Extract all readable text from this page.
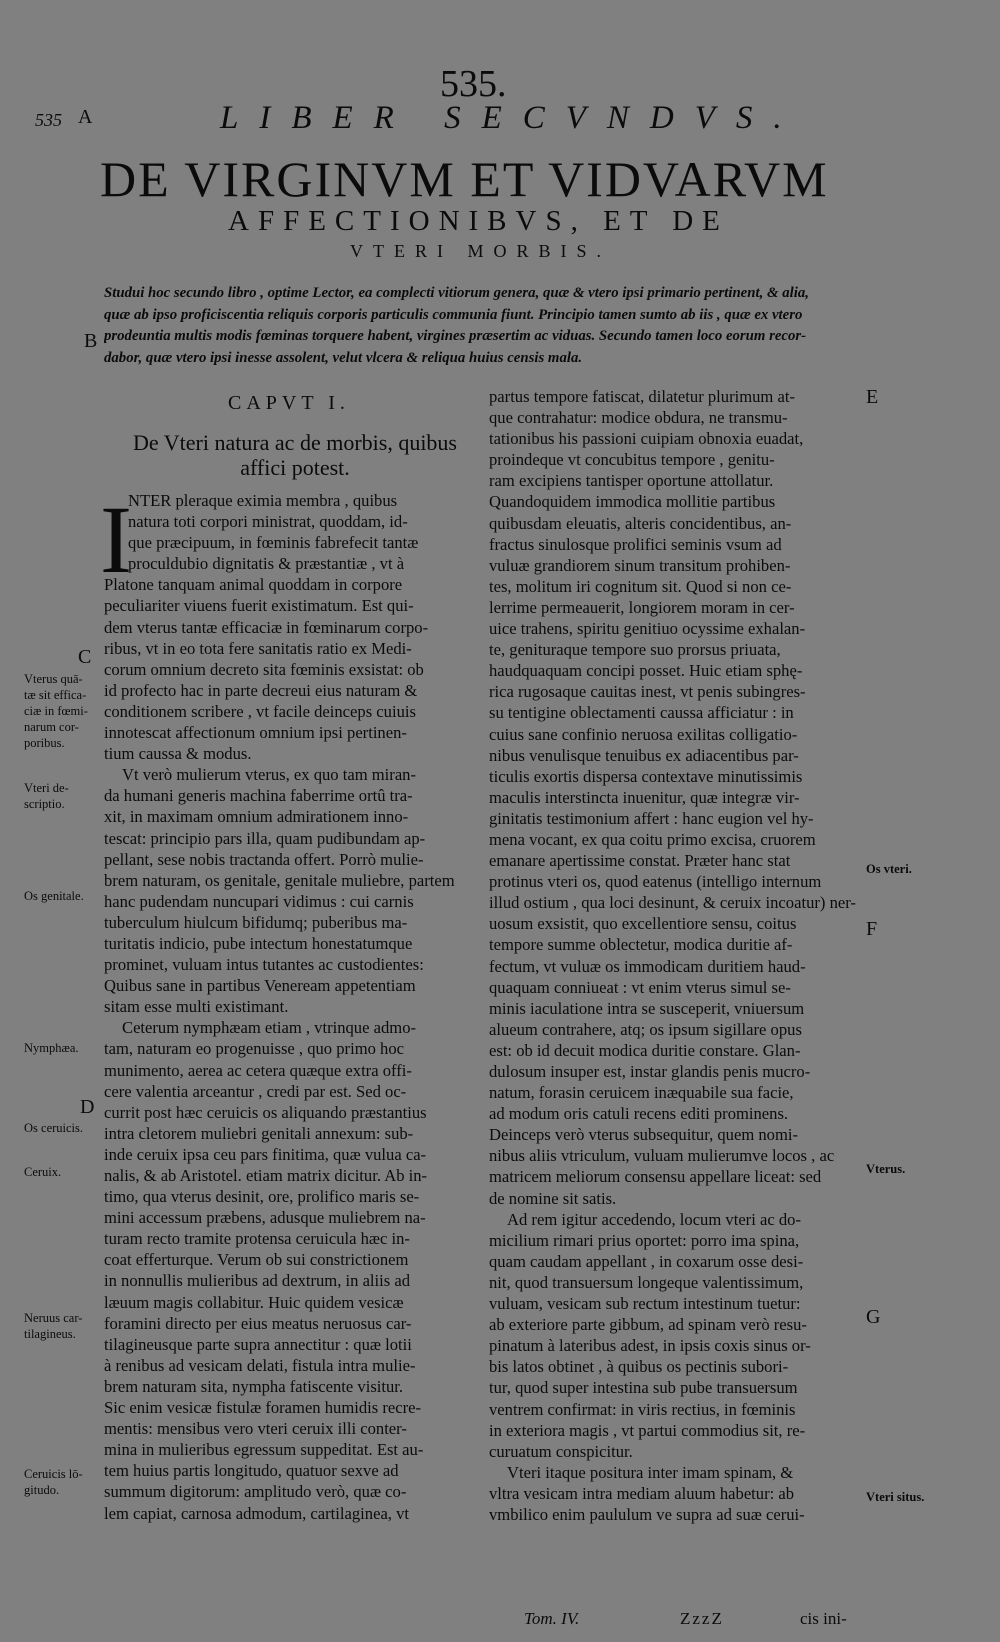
535.
535 A	LIBER SECVNDVS.
DE VIRGINVM ET VIDVARVM
AFFECTIONIBVS, ET DE
VTERI MORBIS.
Studui hoc secundo libro , optime Lector, ea complecti vitiorum genera, quæ & vtero ipsi primario pertinent, & alia,
quæ ab ipso proficiscentia reliquis corporis particulis communia fiunt. Principio tamen sumto ab iis , quæ ex vtero
prodeuntia multis modis fœminas torquere habent, virgines præsertim ac viduas. Secundo tamen loco eorum recor-
dabor, quæ vtero ipsi inesse assolent, velut vlcera & reliqua huius censis mala.
B
CAPVT I.
De Vteri natura ac de morbis, quibus
affici potest.
I
NTER pleraque eximia membra , quibus
natura toti corpori ministrat, quoddam, id-
que præcipuum, in fœminis fabrefecit tantæ
proculdubio dignitatis & præstantiæ , vt à
Platone tanquam animal quoddam in corpore
peculiariter viuens fuerit existimatum. Est qui-
dem vterus tantæ efficaciæ in fœminarum corpo-
ribus, vt in eo tota fere sanitatis ratio ex Medi-
corum omnium decreto sita fœminis exsistat: ob
id profecto hac in parte decreui eius naturam &
conditionem scribere , vt facile deinceps cuiuis
innotescat affectionum omnium ipsi pertinen-
tium caussa & modus.
Vt verò mulierum vterus, ex quo tam miran-
da humani generis machina faberrime ortû tra-
xit, in maximam omnium admirationem inno-
tescat: principio pars illa, quam pudibundam ap-
pellant, sese nobis tractanda offert. Porrò mulie-
brem naturam, os genitale, genitale muliebre, partem
hanc pudendam nuncupari vidimus : cui carnis
tuberculum hiulcum bifidumq; puberibus ma-
turitatis indicio, pube intectum honestatumque
prominet, vuluam intus tutantes ac custodientes:
Quibus sane in partibus Veneream appetentiam
sitam esse multi existimant.
Ceterum nymphæam etiam , vtrinque admo-
tam, naturam eo progenuisse , quo primo hoc
munimento, aerea ac cetera quæque extra offi-
cere valentia arceantur , credi par est. Sed oc-
currit post hæc ceruicis os aliquando præstantius
intra cletorem muliebri genitali annexum: sub-
inde ceruix ipsa ceu pars finitima, quæ vulua ca-
nalis, & ab Aristotel. etiam matrix dicitur. Ab in-
timo, qua vterus desinit, ore, prolifico maris se-
mini accessum præbens, adusque muliebrem na-
turam recto tramite protensa ceruicula hæc in-
coat efferturque. Verum ob sui constrictionem
in nonnullis mulieribus ad dextrum, in aliis ad
læuum magis collabitur. Huic quidem vesicæ
foramini directo per eius meatus neruosus car-
tilagineusque parte supra annectitur : quæ lotii
à renibus ad vesicam delati, fistula intra mulie-
brem naturam sita, nympha fatiscente visitur.
Sic enim vesicæ fistulæ foramen humidis recre-
mentis: mensibus vero vteri ceruix illi conter-
mina in mulieribus egressum suppeditat. Est au-
tem huius partis longitudo, quatuor sexve ad
summum digitorum: amplitudo verò, quæ co-
lem capiat, carnosa admodum, cartilaginea, vt
partus tempore fatiscat, dilatetur plurimum at-
que contrahatur: modice obdura, ne transmu-
tationibus his passioni cuipiam obnoxia euadat,
proindeque vt concubitus tempore , genitu-
ram excipiens tantisper oportune attollatur.
Quandoquidem immodica mollitie partibus
quibusdam eleuatis, alteris concidentibus, an-
fractus sinulosque prolifici seminis vsum ad
vuluæ grandiorem sinum transitum prohiben-
tes, molitum iri cognitum sit. Quod si non ce-
lerrime permeauerit, longiorem moram in cer-
uice trahens, spiritu genitiuo ocyssime exhalan-
te, genituraque tempore suo prorsus priuata,
haudquaquam concipi posset. Huic etiam sphę-
rica rugosaque cauitas inest, vt penis subingres-
su tentigine oblectamenti caussa afficiatur : in
cuius sane confinio neruosa exilitas colligatio-
nibus venulisque tenuibus ex adiacentibus par-
ticulis exortis dispersa contextave minutissimis
maculis interstincta inuenitur, quæ integræ vir-
ginitatis testimonium affert : hanc eugion vel hy-
mena vocant, ex qua coitu primo excisa, cruorem
emanare apertissime constat. Præter hanc stat
protinus vteri os, quod eatenus (intelligo internum
illud ostium , qua loci desinunt, & ceruix incoatur) ner-
uosum exsistit, quo excellentiore sensu, coitus
tempore summe oblectetur, modica duritie af-
fectum, vt vuluæ os immodicam duritiem haud-
quaquam conniueat : vt enim vterus simul se-
minis iaculatione intra se susceperit, vniuersum
alueum contrahere, atq; os ipsum sigillare opus
est: ob id decuit modica duritie constare. Glan-
dulosum insuper est, instar glandis penis mucro-
natum, forasin ceruicem inæquabile sua facie,
ad modum oris catuli recens editi prominens.
Deinceps verò vterus subsequitur, quem nomi-
nibus aliis vtriculum, vuluam mulierumve locos , ac
matricem meliorum consensu appellare liceat: sed
de nomine sit satis.
Ad rem igitur accedendo, locum vteri ac do-
micilium rimari prius oportet: porro ima spina,
quam caudam appellant , in coxarum osse desi-
nit, quod transuersum longeque valentissimum,
vuluam, vesicam sub rectum intestinum tuetur:
ab exteriore parte gibbum, ad spinam verò resu-
pinatum à lateribus adest, in ipsis coxis sinus or-
bis latos obtinet , à quibus os pectinis subori-
tur, quod super intestina sub pube transuersum
ventrem confirmat: in viris rectius, in fœminis
in exteriora magis , vt partui commodius sit, re-
curuatum conspicitur.
Vteri itaque positura inter imam spinam, &
vltra vesicam intra mediam aluum habetur: ab
vmbilico enim paululum ve supra ad suæ cerui-
C
D
E
F
G
Vterus quā-
tæ sit effica-
ciæ in fœmi-
narum cor-
poribus.
Vteri de-
scriptio.
Os genitale.
Nymphæa.
Os ceruicis.
Ceruix.
Neruus car-
tilagineus.
Ceruicis lō-
gitudo.
Os vteri.
Vterus.
Vteri situs.
Tom. IV.	ZzzZ	cis ini-
